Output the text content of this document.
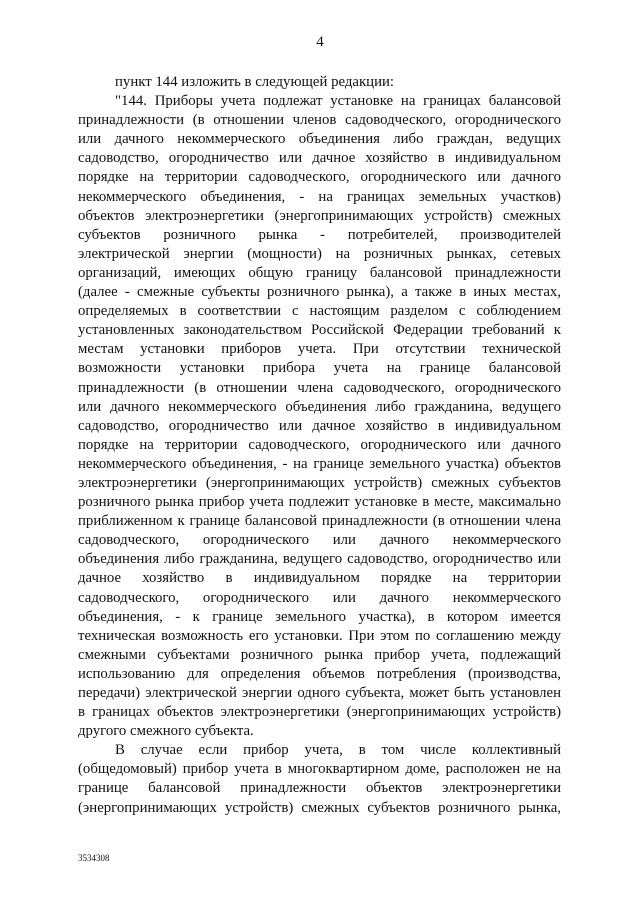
4
пункт 144 изложить в следующей редакции:
"144. Приборы учета подлежат установке на границах балансовой
принадлежности (в отношении членов садоводческого, огороднического
или дачного некоммерческого объединения либо граждан, ведущих
садоводство, огородничество или дачное хозяйство в индивидуальном
порядке на территории садоводческого, огороднического или дачного
некоммерческого объединения, - на границах земельных участков)
объектов электроэнергетики (энергопринимающих устройств) смежных
субъектов розничного рынка - потребителей, производителей
электрической энергии (мощности) на розничных рынках, сетевых
организаций, имеющих общую границу балансовой принадлежности
(далее - смежные субъекты розничного рынка), а также в иных местах,
определяемых в соответствии с настоящим разделом с соблюдением
установленных законодательством Российской Федерации требований к
местам установки приборов учета. При отсутствии технической
возможности установки прибора учета на границе балансовой
принадлежности (в отношении члена садоводческого, огороднического
или дачного некоммерческого объединения либо гражданина, ведущего
садоводство, огородничество или дачное хозяйство в индивидуальном
порядке на территории садоводческого, огороднического или дачного
некоммерческого объединения, - на границе земельного участка) объектов
электроэнергетики (энергопринимающих устройств) смежных субъектов
розничного рынка прибор учета подлежит установке в месте, максимально
приближенном к границе балансовой принадлежности (в отношении члена
садоводческого, огороднического или дачного некоммерческого
объединения либо гражданина, ведущего садоводство, огородничество или
дачное хозяйство в индивидуальном порядке на территории
садоводческого, огороднического или дачного некоммерческого
объединения, - к границе земельного участка), в котором имеется
техническая возможность его установки. При этом по соглашению между
смежными субъектами розничного рынка прибор учета, подлежащий
использованию для определения объемов потребления (производства,
передачи) электрической энергии одного субъекта, может быть установлен
в границах объектов электроэнергетики (энергопринимающих устройств)
другого смежного субъекта.
В случае если прибор учета, в том числе коллективный
(общедомовый) прибор учета в многоквартирном доме, расположен не на
границе балансовой принадлежности объектов электроэнергетики
(энергопринимающих устройств) смежных субъектов розничного рынка,
3534308
